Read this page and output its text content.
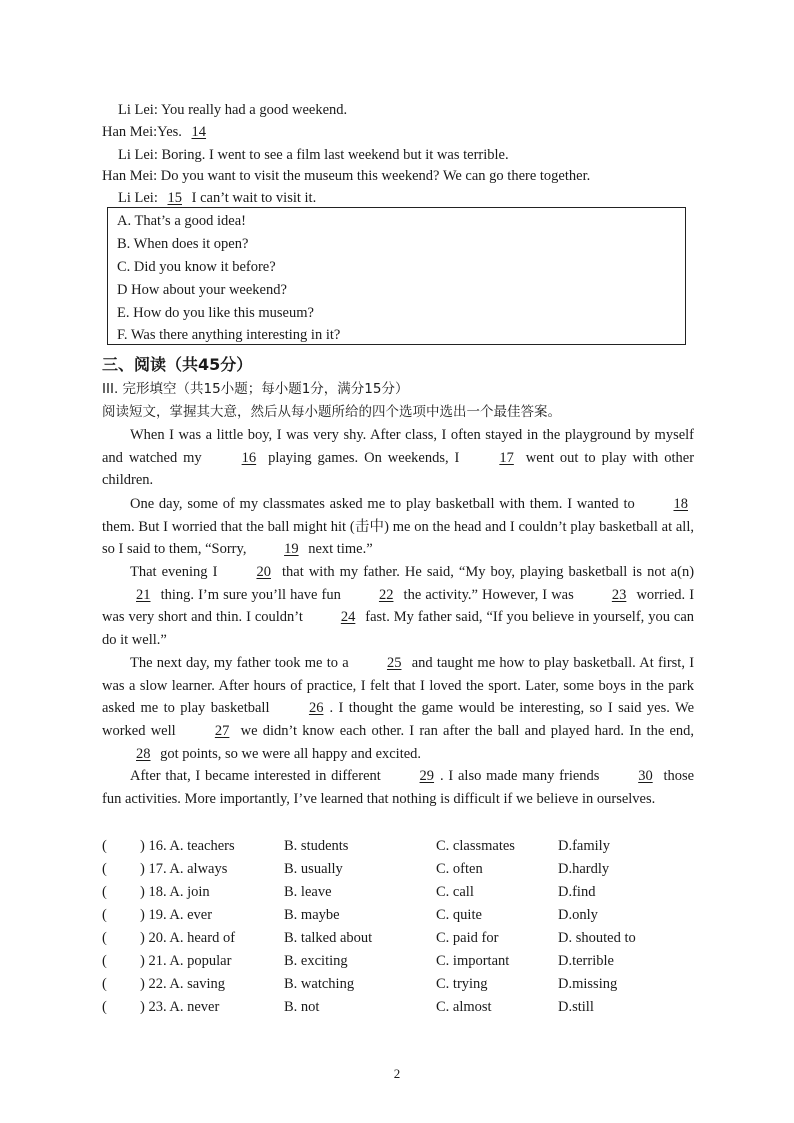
Li Lei: You really had a good weekend.
Han Mei:Yes. 14
Li Lei: Boring. I went to see a film last weekend but it was terrible.
Han Mei: Do you want to visit the museum this weekend? We can go there together.
Li Lei: 15 I can’t wait to visit it.
A. That’s a good idea!
B. When does it open?
C. Did you know it before?
D How about your weekend?
E. How do you like this museum?
F. Was there anything interesting in it?
三、阅读（共45分）
III. 完形填空（共15小题；每小题1分，满分15分）
阅读短文，掌握其大意，然后从每小题所给的四个选项中选出一个最佳答案。
When I was a little boy, I was very shy. After class, I often stayed in the playground by myself and watched my	16 playing games. On weekends, I	17 went out to play with other children.
One day, some of my classmates asked me to play basketball with them. I wanted to	18 them. But I worried that the ball might hit (击中) me on the head and I couldn’t play basketball at all, so I said to them, “Sorry,	19 next time.”
That evening I	20 that with my father. He said, “My boy, playing basketball is not a(n) 21 thing. I’m sure you’ll have fun	22 the activity.” However, I was	23 worried. I was very short and thin. I couldn’t	24 fast. My father said, “If you believe in yourself, you can do it well.”
The next day, my father took me to a	25 and taught me how to play basketball. At first, I was a slow learner. After hours of practice, I felt that I loved the sport. Later, some boys in the park asked me to play basketball	26 . I thought the game would be interesting, so I said yes. We worked well	27 we didn’t know each other. I ran after the ball and played hard. In the end, 28 got points, so we were all happy and excited.
After that, I became interested in different	29 . I also made many friends	30 those fun activities. More importantly, I’ve learned that nothing is difficult if we believe in ourselves.
( ) 16. A. teachers	B. students	C. classmates	D.family
( ) 17. A. always	B. usually	C. often	D.hardly
( ) 18. A. join	B. leave	C. call	D.find
( ) 19. A. ever	B. maybe	C. quite	D.only
( ) 20. A. heard of	B. talked about	C. paid for	D. shouted to
( ) 21. A. popular	B. exciting	C. important	D.terrible
( ) 22. A. saving	B. watching	C. trying	D.missing
( ) 23. A. never	B. not	C. almost	D.still
2
